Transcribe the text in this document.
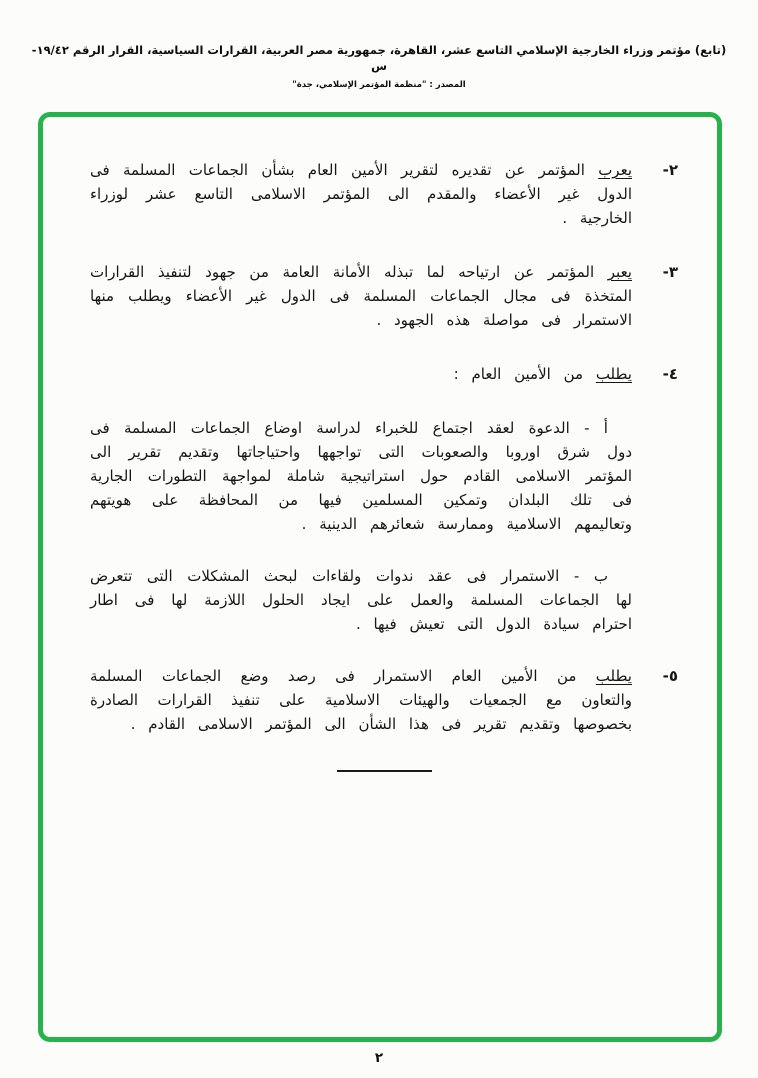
(تابع) مؤتمر وزراء الخارجية الإسلامي التاسع عشر، القاهرة، جمهورية مصر العربية، القرارات السياسية، القرار الرقم ١٩/٤٢-س
المصدر : "منظمة المؤتمر الإسلامي، جدة"
٢-

يعرب المؤتمر عن تقديره لتقرير الأمين العام بشأن الجماعات المسلمة فى الدول غير الأعضاء والمقدم الى المؤتمر الاسلامى التاسع عشر لوزراء الخارجية .

٣-

يعبر المؤتمر عن ارتياحه لما تبذله الأمانة العامة من جهود لتنفيذ القرارات المتخذة فى مجال الجماعات المسلمة فى الدول غير الأعضاء ويطلب منها الاستمرار فى مواصلة هذه الجهود .

٤-

يطلب من الأمين العام :

أ - الدعوة لعقد اجتماع للخبراء لدراسة اوضاع الجماعات المسلمة فى دول شرق اوروبا والصعوبات التى تواجهها واحتياجاتها وتقديم تقرير الى المؤتمر الاسلامى القادم حول استراتيجية شاملة لمواجهة التطورات الجارية فى تلك البلدان وتمكين المسلمين فيها من المحافظة على هويتهم وتعاليمهم الاسلامية وممارسة شعائرهم الدينية .

ب - الاستمرار فى عقد ندوات ولقاءات لبحث المشكلات التى تتعرض لها الجماعات المسلمة والعمل على ايجاد الحلول اللازمة لها فى اطار احترام سيادة الدول التى تعيش فيها .

٥-

يطلب من الأمين العام الاستمرار فى رصد وضع الجماعات المسلمة والتعاون مع الجمعيات والهيئات الاسلامية على تنفيذ القرارات الصادرة بخصوصها وتقديم تقرير فى هذا الشأن الى المؤتمر الاسلامى القادم .

٢
